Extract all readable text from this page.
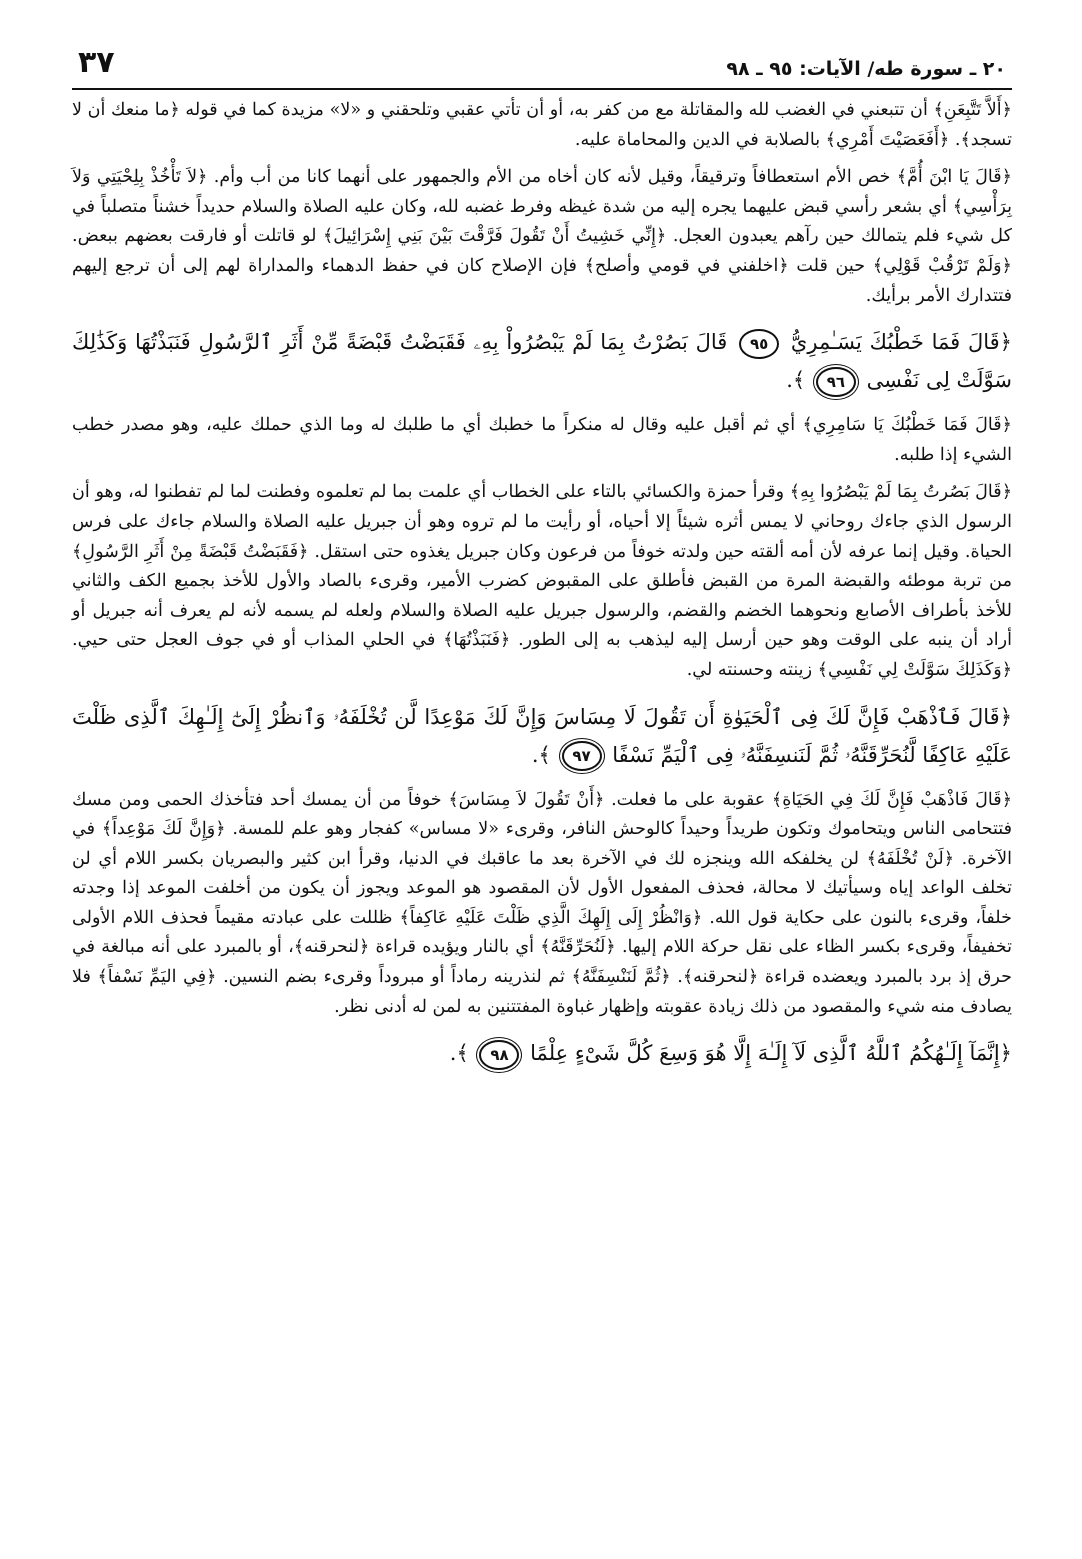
٢٠ ـ سورة طه/ الآيات: ٩٥ ـ ٩٨
٣٧

﴿أَلاَّ تَتَّبِعَنِ﴾ أن تتبعني في الغضب لله والمقاتلة مع من كفر به، أو أن تأتي عقبي وتلحقني و «لا» مزيدة كما في قوله ﴿ما منعك أن لا تسجد﴾. ﴿أَفَعَصَيْتَ أَمْرِي﴾ بالصلابة في الدين والمحاماة عليه.

﴿قَالَ يَا ابْنَ أُمَّ﴾ خص الأم استعطافاً وترقيقاً، وقيل لأنه كان أخاه من الأم والجمهور على أنهما كانا من أب وأم. ﴿لاَ تَأْخُذْ بِلِحْيَتِي وَلاَ بِرَأْسِي﴾ أي بشعر رأسي قبض عليهما يجره إليه من شدة غيظه وفرط غضبه لله، وكان عليه الصلاة والسلام حديداً خشناً متصلباً في كل شيء فلم يتمالك حين رآهم يعبدون العجل. ﴿إِنِّي خَشِيتُ أَنْ تَقُولَ فَرَّقْتَ بَيْنَ بَنِي إِسْرَائِيلَ﴾ لو قاتلت أو فارقت بعضهم ببعض. ﴿وَلَمْ تَرْقُبْ قَوْلِي﴾ حين قلت ﴿اخلفني في قومي وأصلح﴾ فإن الإصلاح كان في حفظ الدهماء والمداراة لهم إلى أن ترجع إليهم فتتدارك الأمر برأيك.

﴿قَالَ فَمَا خَطْبُكَ يَسَـٰمِرِيُّ ٩٥ قَالَ بَصُرْتُ بِمَا لَمْ يَبْصُرُواْ بِهِۦ فَقَبَضْتُ قَبْضَةً مِّنْ أَثَرِ ٱلرَّسُولِ فَنَبَذْتُهَا وَكَذَٰلِكَ سَوَّلَتْ لِى نَفْسِى ٩٦ ﴾.

﴿قَالَ فَمَا خَطْبُكَ يَا سَامِرِي﴾ أي ثم أقبل عليه وقال له منكراً ما خطبك أي ما طلبك له وما الذي حملك عليه، وهو مصدر خطب الشيء إذا طلبه.

﴿قَالَ بَصُرتُ بِمَا لَمْ يَبْصُرُوا بِهِ﴾ وقرأ حمزة والكسائي بالتاء على الخطاب أي علمت بما لم تعلموه وفطنت لما لم تفطنوا له، وهو أن الرسول الذي جاءك روحاني لا يمس أثره شيئاً إلا أحياه، أو رأيت ما لم تروه وهو أن جبريل عليه الصلاة والسلام جاءك على فرس الحياة. وقيل إنما عرفه لأن أمه ألقته حين ولدته خوفاً من فرعون وكان جبريل يغذوه حتى استقل. ﴿فَقَبَضْتُ قَبْضَةً مِنْ أَثَرِ الرَّسُولِ﴾ من تربة موطئه والقبضة المرة من القبض فأطلق على المقبوض كضرب الأمير، وقرىء بالصاد والأول للأخذ بجميع الكف والثاني للأخذ بأطراف الأصابع ونحوهما الخضم والقضم، والرسول جبريل عليه الصلاة والسلام ولعله لم يسمه لأنه لم يعرف أنه جبريل أو أراد أن ينبه على الوقت وهو حين أرسل إليه ليذهب به إلى الطور. ﴿فَنَبَذْتُهَا﴾ في الحلي المذاب أو في جوف العجل حتى حيي. ﴿وَكَذَلِكَ سَوَّلَتْ لِي نَفْسِي﴾ زينته وحسنته لي.

﴿قَالَ فَٱذْهَبْ فَإِنَّ لَكَ فِى ٱلْحَيَوٰةِ أَن تَقُولَ لَا مِسَاسَ وَإِنَّ لَكَ مَوْعِدًا لَّن تُخْلَفَهُۥ وَٱنظُرْ إِلَىٰٓ إِلَـٰهِكَ ٱلَّذِى ظَلْتَ عَلَيْهِ عَاكِفًا لَّنُحَرِّقَنَّهُۥ ثُمَّ لَنَنسِفَنَّهُۥ فِى ٱلْيَمِّ نَسْفًا ٩٧ ﴾.

﴿قَالَ فَاذْهَبْ فَإِنَّ لَكَ فِي الحَيَاةِ﴾ عقوبة على ما فعلت. ﴿أَنْ تَقُولَ لاَ مِسَاسَ﴾ خوفاً من أن يمسك أحد فتأخذك الحمى ومن مسك فتتحامى الناس ويتحاموك وتكون طريداً وحيداً كالوحش النافر، وقرىء «لا مساس» كفجار وهو علم للمسة. ﴿وَإِنَّ لَكَ مَوْعِداً﴾ في الآخرة. ﴿لَنْ تُخْلَفَهُ﴾ لن يخلفكه الله وينجزه لك في الآخرة بعد ما عاقبك في الدنيا، وقرأ ابن كثير والبصريان بكسر اللام أي لن تخلف الواعد إياه وسيأتيك لا محالة، فحذف المفعول الأول لأن المقصود هو الموعد ويجوز أن يكون من أخلفت الموعد إذا وجدته خلفاً، وقرىء بالنون على حكاية قول الله. ﴿وَانْظُرْ إِلَى إِلَهِكَ الَّذِي ظَلْتَ عَلَيْهِ عَاكِفاً﴾ ظللت على عبادته مقيماً فحذف اللام الأولى تخفيفاً، وقرىء بكسر الظاء على نقل حركة اللام إليها. ﴿لَنُحَرِّقَنَّهُ﴾ أي بالنار ويؤيده قراءة ﴿لنحرقنه﴾، أو بالمبرد على أنه مبالغة في حرق إذ برد بالمبرد ويعضده قراءة ﴿لنحرقنه﴾. ﴿ثُمَّ لَنَنْسِفَنَّهُ﴾ ثم لنذرينه رماداً أو مبروداً وقرىء بضم النسين. ﴿فِي اليَمِّ نَسْفاً﴾ فلا يصادف منه شيء والمقصود من ذلك زيادة عقوبته وإظهار غباوة المفتتنين به لمن له أدنى نظر.

﴿إِنَّمَآ إِلَـٰهُكُمُ ٱللَّهُ ٱلَّذِى لَآ إِلَـٰهَ إِلَّا هُوَ وَسِعَ كُلَّ شَىْءٍ عِلْمًا ٩٨ ﴾.
